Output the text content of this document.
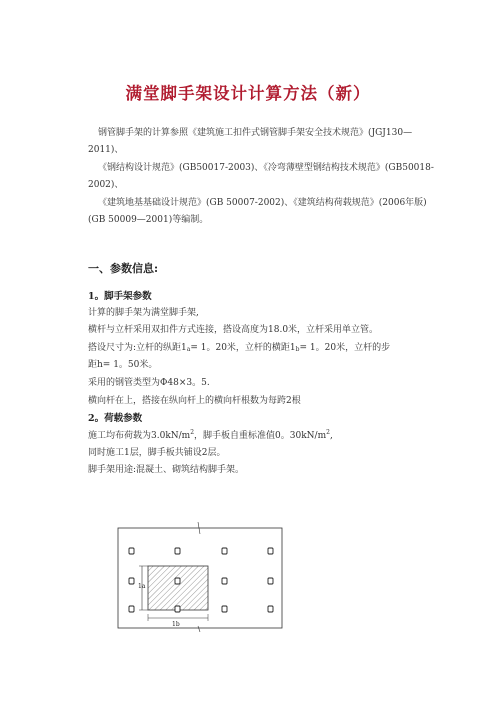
满堂脚手架设计计算方法（新）
钢管脚手架的计算参照《建筑施工扣件式钢管脚手架安全技术规范》(JGJ130—2011)、
《钢结构设计规范》(GB50017-2003)、《冷弯薄壁型钢结构技术规范》(GB50018-2002)、
《建筑地基基础设计规范》(GB 50007-2002)、《建筑结构荷载规范》(2006年版)(GB 50009—2001)等编制。
一、参数信息:
1。脚手架参数
计算的脚手架为满堂脚手架,
横杆与立杆采用双扣件方式连接，搭设高度为18.0米，立杆采用单立管。
搭设尺寸为:立杆的纵距1a= 1。20米，立杆的横距1b= 1。20米，立杆的步
距h= 1。50米。
采用的钢管类型为Φ48×3。5.
横向杆在上，搭接在纵向杆上的横向杆根数为每跨2根
2。荷载参数
施工均布荷载为$3.0kN/m^2$，脚手板自重标准值0。$30kN/m^2$,
同时施工1层，脚手板共铺设2层。
脚手架用途:混凝土、砌筑结构脚手架。
1a
1b
